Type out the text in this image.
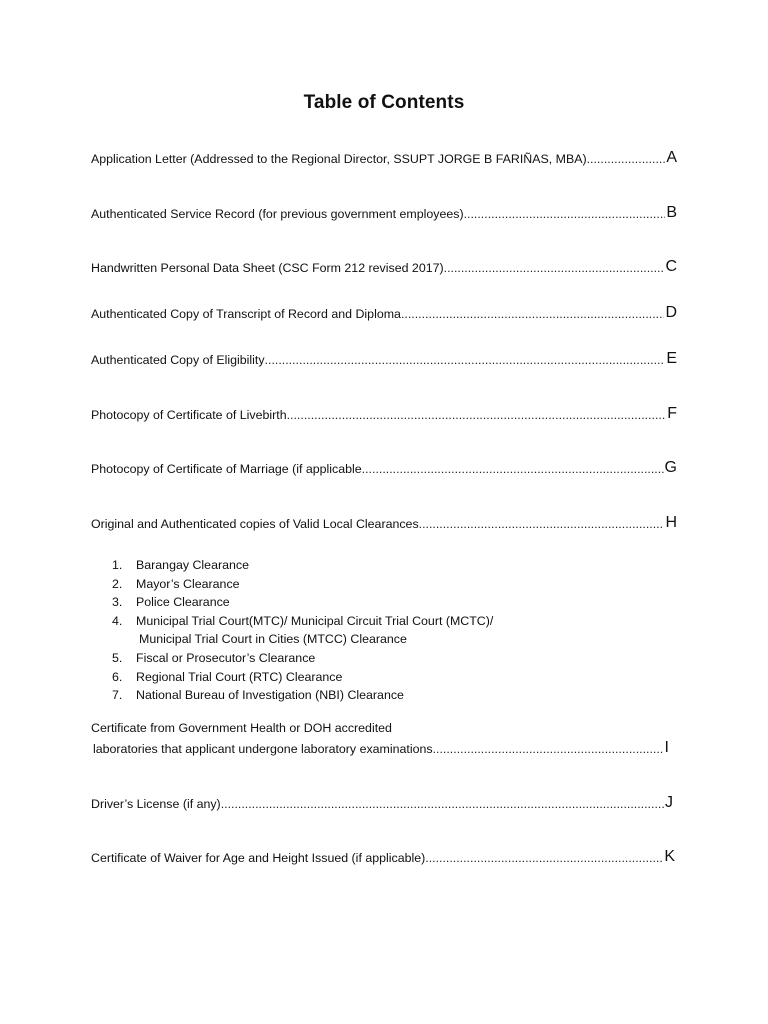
Table of Contents
Application Letter (Addressed to the Regional Director, SSUPT JORGE B FARIÑAS, MBA) .....	A
Authenticated Service Record (for previous government employees) .....	B
Handwritten Personal Data Sheet (CSC Form 212 revised 2017) .....	C
Authenticated Copy of Transcript of Record and Diploma .....	D
Authenticated Copy of Eligibility .....	E
Photocopy of Certificate of Livebirth .....	F
Photocopy of Certificate of Marriage (if applicable .....	G
Original and Authenticated copies of Valid Local Clearances .....	H
1. Barangay Clearance
2. Mayor’s Clearance
3. Police Clearance
4. Municipal Trial Court(MTC)/ Municipal Circuit Trial Court (MCTC)/
Municipal Trial Court in Cities (MTCC) Clearance
5. Fiscal or Prosecutor’s Clearance
6. Regional Trial Court (RTC) Clearance
7. National Bureau of Investigation (NBI) Clearance
Certificate from Government Health or DOH accredited
laboratories that applicant undergone laboratory examinations .....	I
Driver’s License (if any) .....	J
Certificate of Waiver for Age and Height Issued (if applicable) .....	K
